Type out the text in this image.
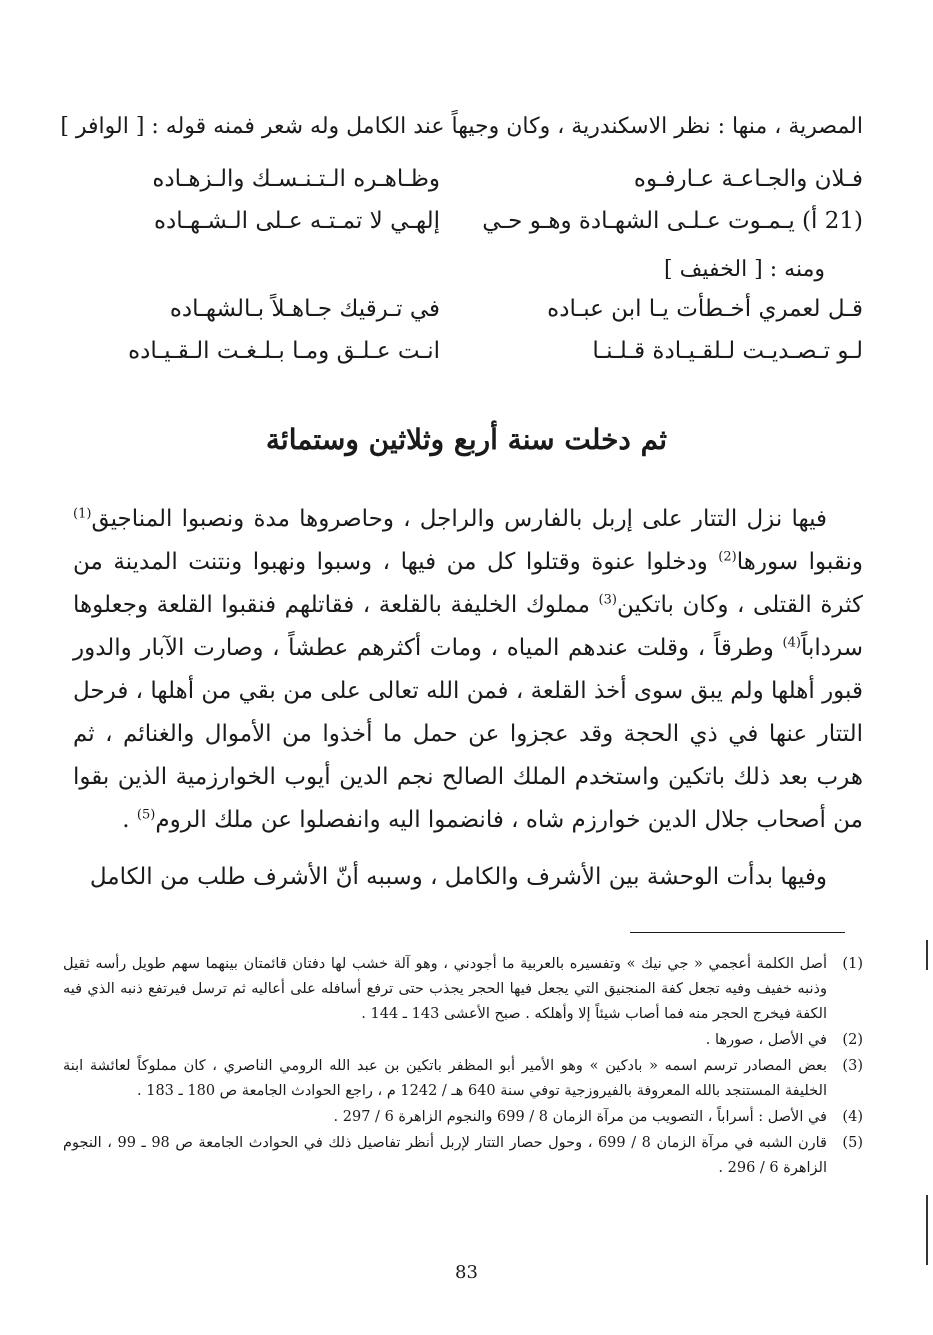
المصرية ، منها : نظر الاسكندرية ، وكان وجيهاً عند الكامل وله شعر فمنه قوله : [ الوافر ]
فـلان والجـاعـة عـارفـوه
وظـاهـره الـتـنـسـك والـزهـاده
(21 أ) يـمـوت عـلـى الشهـادة وهـو حـي
إلهـي لا تمـتـه عـلى الـشـهـاده
ومنه : [ الخفيف ]
قـل لعمري أخـطأت يـا ابن عبـاده
في تـرقيك جـاهـلاً بـالشهـاده
لـو تـصـديـت لـلقـيـادة قـلـنـا
انـت عـلـق ومـا بـلـغـت الـقـيـاده
ثم دخلت سنة أربع وثلاثين وستمائة

فيها نزل التتار على إربل بالفارس والراجل ، وحاصروها مدة ونصبوا المناجيق$^{(1)}$ ونقبوا سورها$^{(2)}$ ودخلوا عنوة وقتلوا كل من فيها ، وسبوا ونهبوا ونتنت المدينة من كثرة القتلى ، وكان باتكين$^{(3)}$ مملوك الخليفة بالقلعة ، فقاتلهم فنقبوا القلعة وجعلوها سرداباً$^{(4)}$ وطرقاً ، وقلت عندهم المياه ، ومات أكثرهم عطشاً ، وصارت الآبار والدور قبور أهلها ولم يبق سوى أخذ القلعة ، فمن الله تعالى على من بقي من أهلها ، فرحل التتار عنها في ذي الحجة وقد عجزوا عن حمل ما أخذوا من الأموال والغنائم ، ثم هرب بعد ذلك باتكين واستخدم الملك الصالح نجم الدين أيوب الخوارزمية الذين بقوا من أصحاب جلال الدين خوارزم شاه ، فانضموا اليه وانفصلوا عن ملك الروم$^{(5)}$ .

وفيها بدأت الوحشة بين الأشرف والكامل ، وسببه أنّ الأشرف طلب من الكامل

(1)
أصل الكلمة أعجمي « جي نيك » وتفسيره بالعربية ما أجودني ، وهو آلة خشب لها دفتان قائمتان بينهما سهم طويل رأسه ثقيل وذنبه خفيف وفيه تجعل كفة المنجنيق التي يجعل فيها الحجر يجذب حتى ترفع أسافله على أعاليه ثم ترسل فيرتفع ذنبه الذي فيه الكفة فيخرج الحجر منه فما أصاب شيئاً إلا وأهلكه . صبح الأعشى 143 ـ 144 .
(2)
في الأصل ، صورها .
(3)
بعض المصادر ترسم اسمه « بادكين » وهو الأمير أبو المظفر باتكين بن عبد الله الرومي الناصري ، كان مملوكاً لعائشة ابنة الخليفة المستنجد بالله المعروفة بالفيروزجية توفي سنة 640 هـ / 1242 م ، راجع الحوادث الجامعة ص 180 ـ 183 .
(4)
في الأصل : أسراباً ، التصويب من مرآة الزمان 8 / 699 والنجوم الزاهرة 6 / 297 .
(5)
قارن الشبه في مرآة الزمان 8 / 699 ، وحول حصار التتار لإربل أنظر تفاصيل ذلك في الحوادث الجامعة ص 98 ـ 99 ، النجوم الزاهرة 6 / 296 .
83
